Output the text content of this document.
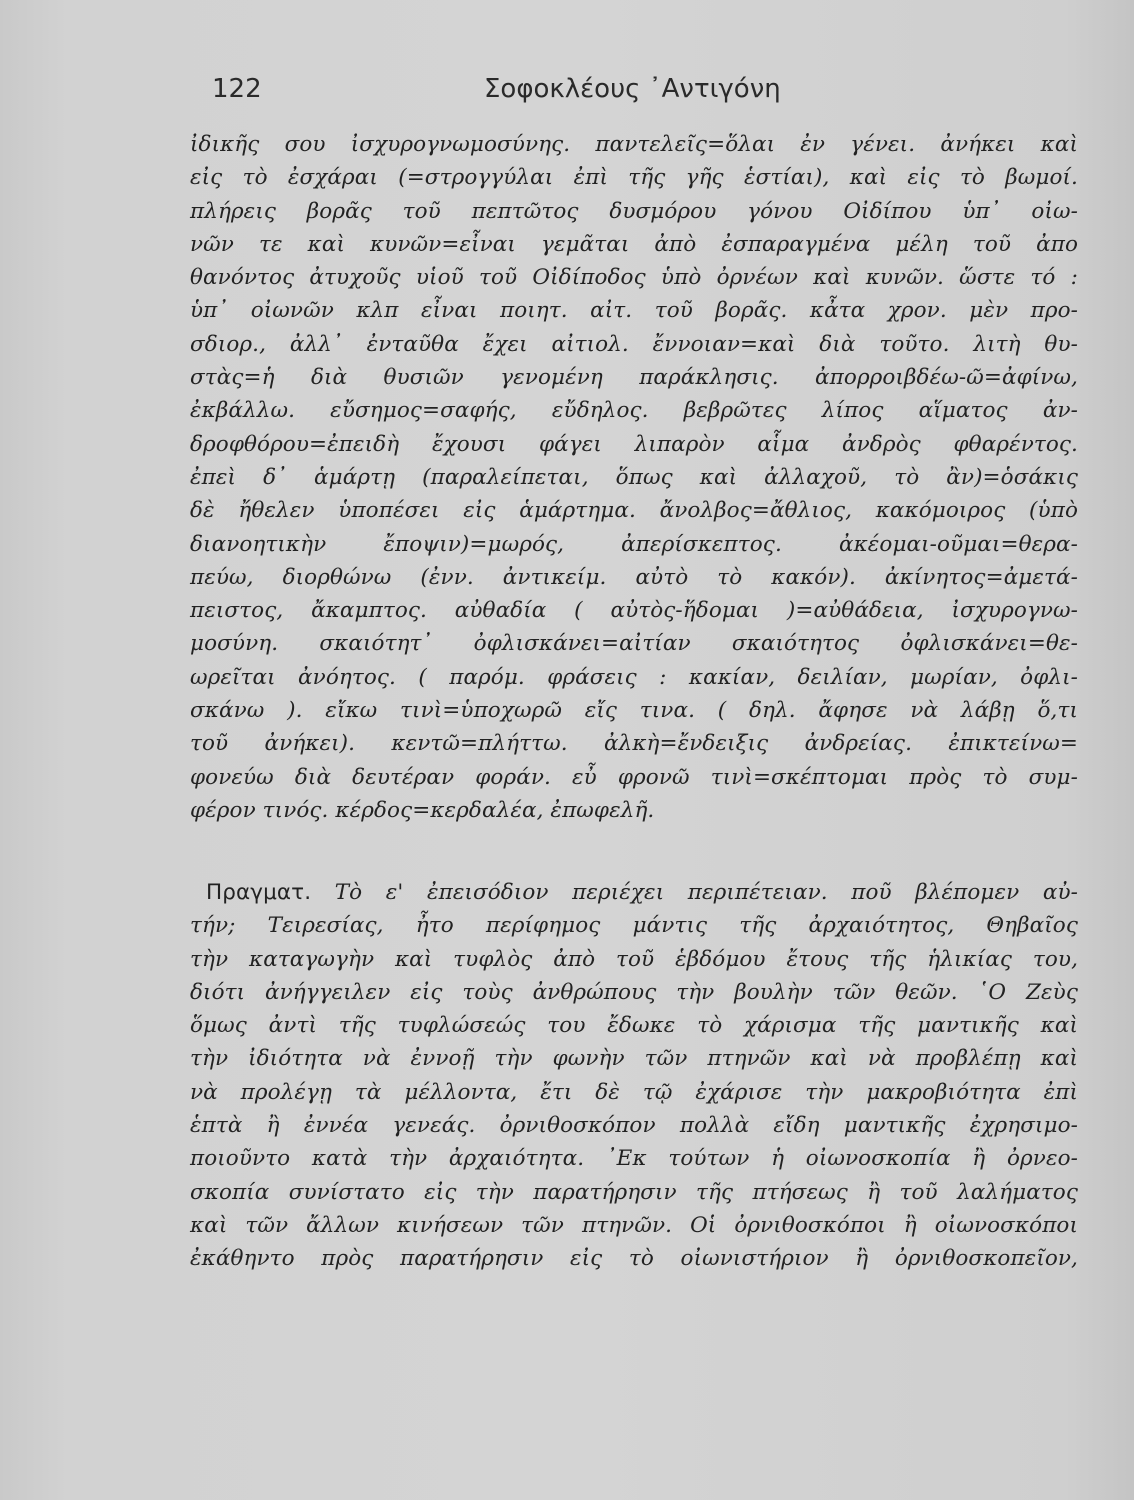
122	Σοφοκλέους ᾿Αντιγόνη
ἰδικῆς σου ἰσχυρογνωμοσύνης. παντελεῖς=ὅλαι ἐν γένει. ἀνήκει καὶ
εἰς τὸ ἐσχάραι (=στρογγύλαι ἐπὶ τῆς γῆς ἑστίαι), καὶ εἰς τὸ βωμοί.
πλήρεις βορᾶς τοῦ πεπτῶτος δυσμόρου γόνου Οἰδίπου ὑπ᾿ οἰω-
νῶν τε καὶ κυνῶν=εἶναι γεμᾶται ἀπὸ ἐσπαραγμένα μέλη τοῦ ἀπο
θανόντος ἀτυχοῦς υἱοῦ τοῦ Οἰδίποδος ὑπὸ ὀρνέων καὶ κυνῶν. ὥστε τό :
ὑπ᾿ οἰωνῶν κλπ εἶναι ποιητ. αἰτ. τοῦ βορᾶς. κἆτα χρον. μὲν προ-
σδιορ., ἀλλ᾿ ἐνταῦθα ἔχει αἰτιολ. ἔννοιαν=καὶ διὰ τοῦτο. λιτὴ θυ-
στὰς=ἡ διὰ θυσιῶν γενομένη παράκλησις. ἀπορροιβδέω-ῶ=ἀφίνω,
ἐκβάλλω. εὔσημος=σαφής, εὔδηλος. βεβρῶτες λίπος αἵματος ἀν-
δροφθόρου=ἐπειδὴ ἔχουσι φάγει λιπαρὸν αἷμα ἀνδρὸς φθαρέντος.
ἐπεὶ δ᾿ ἁμάρτῃ (παραλείπεται, ὅπως καὶ ἀλλαχοῦ, τὸ ἂν)=ὁσάκις
δὲ ἤθελεν ὑποπέσει εἰς ἁμάρτημα. ἄνολβος=ἄθλιος, κακόμοιρος (ὑπὸ
διανοητικὴν ἔποψιν)=μωρός, ἀπερίσκεπτος. ἀκέομαι-οῦμαι=θερα-
πεύω, διορθώνω (ἐνν. ἀντικείμ. αὐτὸ τὸ κακόν). ἀκίνητος=ἀμετά-
πειστος, ἄκαμπτος. αὐθαδία ( αὐτὸς-ἥδομαι )=αὐθάδεια, ἰσχυρογνω-
μοσύνη. σκαιότητ᾿ ὀφλισκάνει=αἰτίαν σκαιότητος ὀφλισκάνει=θε-
ωρεῖται ἀνόητος. ( παρόμ. φράσεις : κακίαν, δειλίαν, μωρίαν, ὀφλι-
σκάνω ). εἴκω τινὶ=ὑποχωρῶ εἴς τινα. ( δηλ. ἄφησε νὰ λάβῃ ὅ,τι
τοῦ ἀνήκει). κεντῶ=πλήττω. ἀλκὴ=ἔνδειξις ἀνδρείας. ἐπικτείνω=
φονεύω διὰ δευτέραν φοράν. εὖ φρονῶ τινὶ=σκέπτομαι πρὸς τὸ συμ-
φέρον τινός. κέρδος=κερδαλέα, ἐπωφελῆ.
Πραγματ. Τὸ ε' ἐπεισόδιον περιέχει περιπέτειαν. ποῦ βλέπομεν αὐ-
τήν; Τειρεσίας, ἦτο περίφημος μάντις τῆς ἀρχαιότητος, Θηβαῖος
τὴν καταγωγὴν καὶ τυφλὸς ἀπὸ τοῦ ἑβδόμου ἔτους τῆς ἡλικίας του,
διότι ἀνήγγειλεν εἰς τοὺς ἀνθρώπους τὴν βουλὴν τῶν θεῶν. ῾Ο Ζεὺς
ὅμως ἀντὶ τῆς τυφλώσεώς του ἔδωκε τὸ χάρισμα τῆς μαντικῆς καὶ
τὴν ἰδιότητα νὰ ἐννοῇ τὴν φωνὴν τῶν πτηνῶν καὶ νὰ προβλέπῃ καὶ
νὰ προλέγῃ τὰ μέλλοντα, ἔτι δὲ τῷ ἐχάρισε τὴν μακροβιότητα ἐπὶ
ἑπτὰ ἢ ἐννέα γενεάς. ὀρνιθοσκόπον πολλὰ εἴδη μαντικῆς ἐχρησιμο-
ποιοῦντο κατὰ τὴν ἀρχαιότητα. ᾿Εκ τούτων ἡ οἰωνοσκοπία ἢ ὀρνεο-
σκοπία συνίστατο εἰς τὴν παρατήρησιν τῆς πτήσεως ἢ τοῦ λαλήματος
καὶ τῶν ἄλλων κινήσεων τῶν πτηνῶν. Οἱ ὀρνιθοσκόποι ἢ οἰωνοσκόποι
ἐκάθηντο πρὸς παρατήρησιν εἰς τὸ οἰωνιστήριον ἢ ὀρνιθοσκοπεῖον,
